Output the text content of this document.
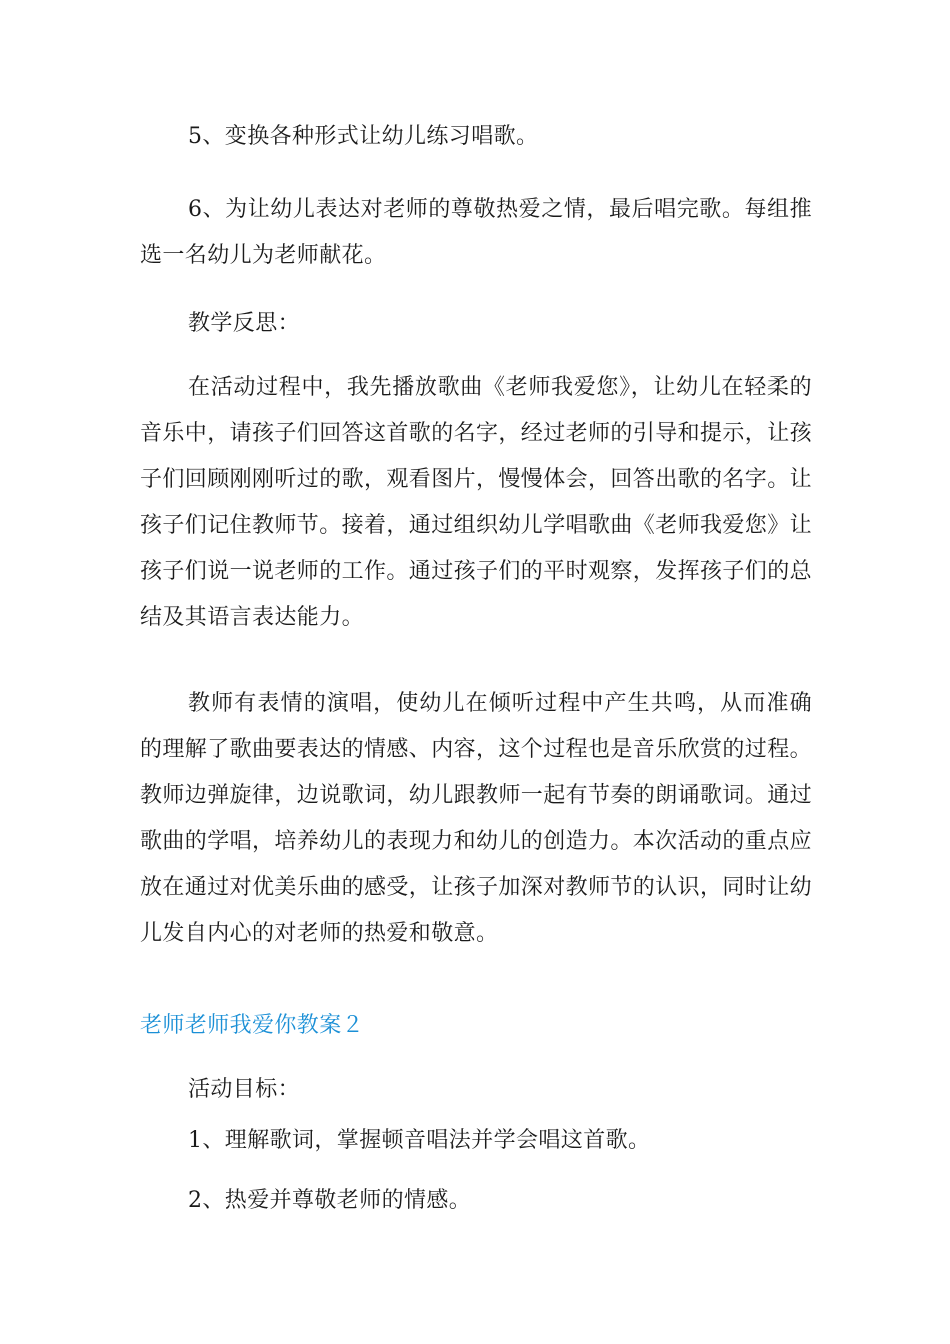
5、变换各种形式让幼儿练习唱歌。

6、为让幼儿表达对老师的尊敬热爱之情，最后唱完歌。每组推选一名幼儿为老师献花。

教学反思：

在活动过程中，我先播放歌曲《老师我爱您》，让幼儿在轻柔的音乐中，请孩子们回答这首歌的名字，经过老师的引导和提示，让孩子们回顾刚刚听过的歌，观看图片，慢慢体会，回答出歌的名字。让孩子们记住教师节。接着，通过组织幼儿学唱歌曲《老师我爱您》让孩子们说一说老师的工作。通过孩子们的平时观察，发挥孩子们的总结及其语言表达能力。

教师有表情的演唱，使幼儿在倾听过程中产生共鸣，从而准确的理解了歌曲要表达的情感、内容，这个过程也是音乐欣赏的过程。教师边弹旋律，边说歌词，幼儿跟教师一起有节奏的朗诵歌词。通过歌曲的学唱，培养幼儿的表现力和幼儿的创造力。本次活动的重点应放在通过对优美乐曲的感受，让孩子加深对教师节的认识，同时让幼儿发自内心的对老师的热爱和敬意。

老师老师我爱你教案２

活动目标：

1、理解歌词，掌握顿音唱法并学会唱这首歌。

2、热爱并尊敬老师的情感。
